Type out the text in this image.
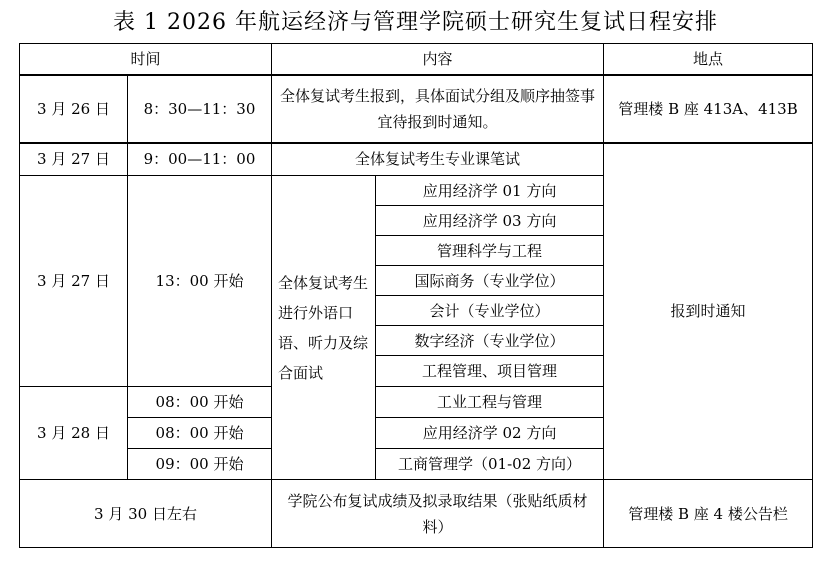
表 1 2026 年航运经济与管理学院硕士研究生复试日程安排
时间		内容		地点
3 月 26 日	8：30—11：30	全体复试考生报到，具体面试分组及顺序抽签事宜待报到时通知。		管理楼 B 座 413A、413B
3 月 27 日	9：00—11：00	全体复试考生专业课笔试		报到时通知
3 月 27 日	13：00 开始	全体复试考生进行外语口语、听力及综合面试	应用经济学 01 方向	
			应用经济学 03 方向	
			管理科学与工程	
			国际商务（专业学位）	
			会计（专业学位）	
			数字经济（专业学位）	
			工程管理、项目管理	
3 月 28 日	08：00 开始		工业工程与管理	
	08：00 开始		应用经济学 02 方向	
	09：00 开始		工商管理学（01-02 方向）	
3 月 30 日左右		学院公布复试成绩及拟录取结果（张贴纸质材料）		管理楼 B 座 4 楼公告栏
